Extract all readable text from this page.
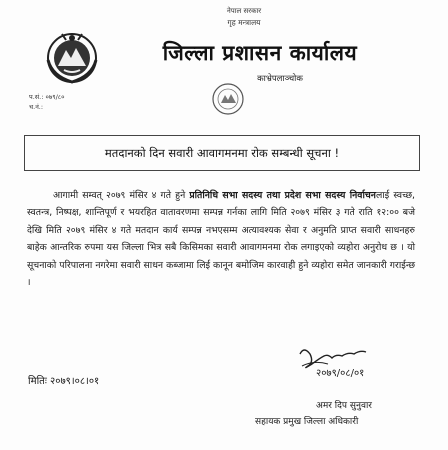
नेपाल सरकार
गृह मन्त्रालय
जिल्ला प्रशासन कार्यालय
काभ्रेपलाञ्चोक
प.सं.: ०७९/८०
च.नं.:
मतदानको दिन सवारी आवागमनमा रोक सम्बन्धी सूचना !
आगामी सम्वत् २०७९ मंसिर ४ गते हुने प्रतिनिधि सभा सदस्य तथा प्रदेश सभा सदस्य निर्वाचनलाई स्वच्छ, स्वतन्त्र, निष्पक्ष, शान्तिपूर्ण र भयरहित वातावरणमा सम्पन्न गर्नका लागि मिति २०७९ मंसिर ३ गते राति १२:०० बजे देखि मिति २०७९ मंसिर ४ गते मतदान कार्य सम्पन्न नभएसम्म अत्यावश्यक सेवा र अनुमति प्राप्त सवारी साधनहरु बाहेक आन्तरिक रुपमा यस जिल्ला भित्र सबै किसिमका सवारी आवागमनमा रोक लगाइएको व्यहोरा अनुरोध छ । यो सूचनाको परिपालना नगरेमा सवारी साधन कब्जामा लिई कानून बमोजिम कारवाही हुने व्यहोरा समेत जानकारी गराईन्छ ।
मितिः २०७९।०८।०१
२०७९/०८/०१
अमर दिप सुनुवार
सहायक प्रमुख जिल्ला अधिकारी
